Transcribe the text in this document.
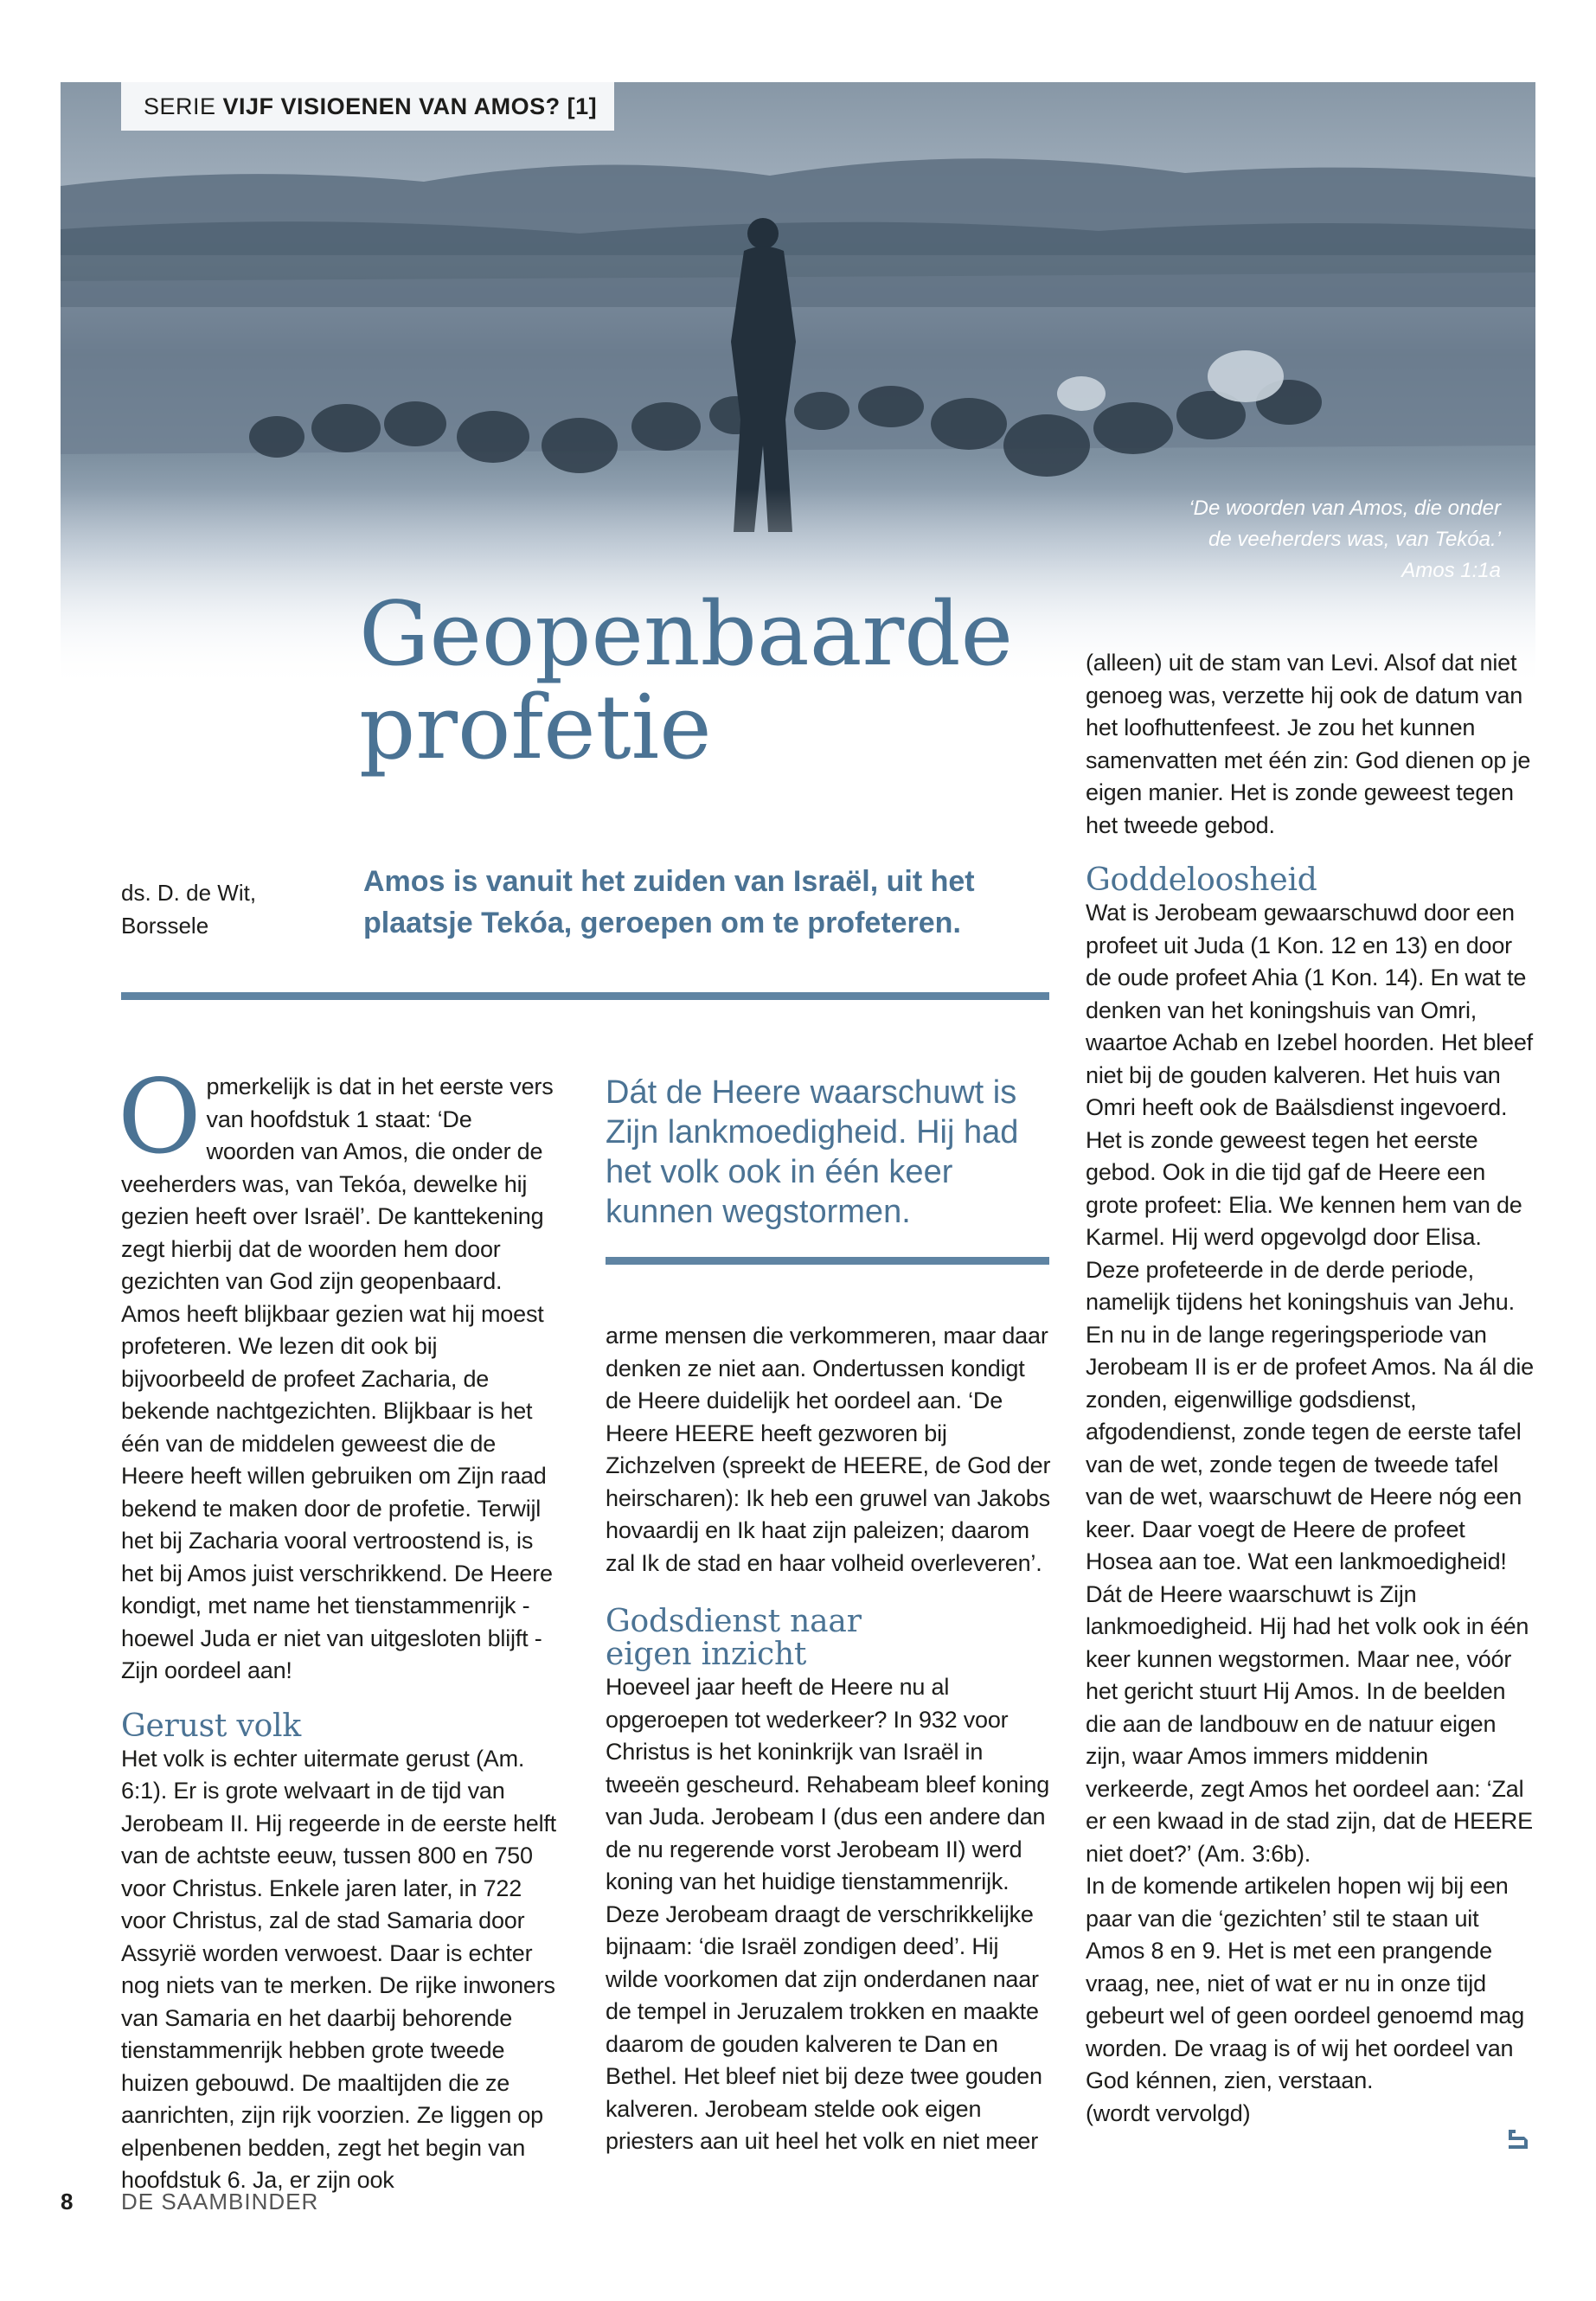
SERIE VIJF VISIOENEN VAN AMOS? [1]
‘De woorden van Amos, die onder
de veeherders was, van Tekóa.’
Amos 1:1a
Geopenbaarde
profetie
ds. D. de Wit,
Borssele
Amos is vanuit het zuiden van Israël, uit het plaatsje Tekóa, geroepen om te profeteren.

Opmerkelijk is dat in het eerste vers van hoofdstuk 1 staat: ‘De woorden van Amos, die onder de veeherders was, van Tekóa, dewelke hij gezien heeft over Israël’. De kanttekening zegt hierbij dat de woorden hem door gezichten van God zijn geopenbaard. Amos heeft blijkbaar gezien wat hij moest profeteren. We lezen dit ook bij bijvoorbeeld de profeet Zacharia, de bekende nachtgezichten. Blijkbaar is het één van de middelen geweest die de Heere heeft willen gebruiken om Zijn raad bekend te maken door de profetie. Terwijl het bij Zacharia vooral vertroostend is, is het bij Amos juist verschrikkend. De Heere kondigt, met name het tienstammenrijk - hoewel Juda er niet van uitgesloten blijft - Zijn oordeel aan!

Gerust volk

Het volk is echter uitermate gerust (Am. 6:1). Er is grote welvaart in de tijd van Jerobeam II. Hij regeerde in de eerste helft van de achtste eeuw, tussen 800 en 750 voor Christus. Enkele jaren later, in 722 voor Christus, zal de stad Samaria door Assyrië worden verwoest. Daar is echter nog niets van te merken. De rijke inwoners van Samaria en het daarbij behorende tienstammenrijk hebben grote tweede huizen gebouwd. De maaltijden die ze aanrichten, zijn rijk voorzien. Ze liggen op elpenbenen bedden, zegt het begin van hoofdstuk 6. Ja, er zijn ook

Dát de Heere waarschuwt is Zijn lankmoedigheid. Hij had het volk ook in één keer kunnen wegstormen.

arme mensen die verkommeren, maar daar denken ze niet aan. Ondertussen kondigt de Heere duidelijk het oordeel aan. ‘De Heere HEERE heeft gezworen bij Zichzelven (spreekt de HEERE, de God der heirscharen): Ik heb een gruwel van Jakobs hovaardij en Ik haat zijn paleizen; daarom zal Ik de stad en haar volheid overleveren’.

Godsdienst naar
eigen inzicht

Hoeveel jaar heeft de Heere nu al opgeroepen tot wederkeer? In 932 voor Christus is het koninkrijk van Israël in tweeën gescheurd. Rehabeam bleef koning van Juda. Jerobeam I (dus een andere dan de nu regerende vorst Jerobeam II) werd koning van het huidige tienstammenrijk. Deze Jerobeam draagt de verschrikkelijke bijnaam: ‘die Israël zondigen deed’. Hij wilde voorkomen dat zijn onderdanen naar de tempel in Jeruzalem trokken en maakte daarom de gouden kalveren te Dan en Bethel. Het bleef niet bij deze twee gouden kalveren. Jerobeam stelde ook eigen priesters aan uit heel het volk en niet meer

(alleen) uit de stam van Levi. Alsof dat niet genoeg was, verzette hij ook de datum van het loofhuttenfeest. Je zou het kunnen samenvatten met één zin: God dienen op je eigen manier. Het is zonde geweest tegen het tweede gebod.

Goddeloosheid

Wat is Jerobeam gewaarschuwd door een profeet uit Juda (1 Kon. 12 en 13) en door de oude profeet Ahia (1 Kon. 14). En wat te denken van het koningshuis van Omri, waartoe Achab en Izebel hoorden. Het bleef niet bij de gouden kalveren. Het huis van Omri heeft ook de Baälsdienst ingevoerd. Het is zonde geweest tegen het eerste gebod. Ook in die tijd gaf de Heere een grote profeet: Elia. We kennen hem van de Karmel. Hij werd opgevolgd door Elisa. Deze profeteerde in de derde periode, namelijk tijdens het koningshuis van Jehu. En nu in de lange regeringsperiode van Jerobeam II is er de profeet Amos. Na ál die zonden, eigenwillige godsdienst, afgodendienst, zonde tegen de eerste tafel van de wet, zonde tegen de tweede tafel van de wet, waarschuwt de Heere nóg een keer. Daar voegt de Heere de profeet Hosea aan toe. Wat een lankmoedigheid!

Dát de Heere waarschuwt is Zijn lankmoedigheid. Hij had het volk ook in één keer kunnen wegstormen. Maar nee, vóór het gericht stuurt Hij Amos. In de beelden die aan de landbouw en de natuur eigen zijn, waar Amos immers middenin verkeerde, zegt Amos het oordeel aan: ‘Zal er een kwaad in de stad zijn, dat de HEERE niet doet?’ (Am. 3:6b).

In de komende artikelen hopen wij bij een paar van die ‘gezichten’ stil te staan uit Amos 8 en 9. Het is met een prangende vraag, nee, niet of wat er nu in onze tijd gebeurt wel of geen oordeel genoemd mag worden. De vraag is of wij het oordeel van God kénnen, zien, verstaan.

(wordt vervolgd)

8 DE SAAMBINDER
